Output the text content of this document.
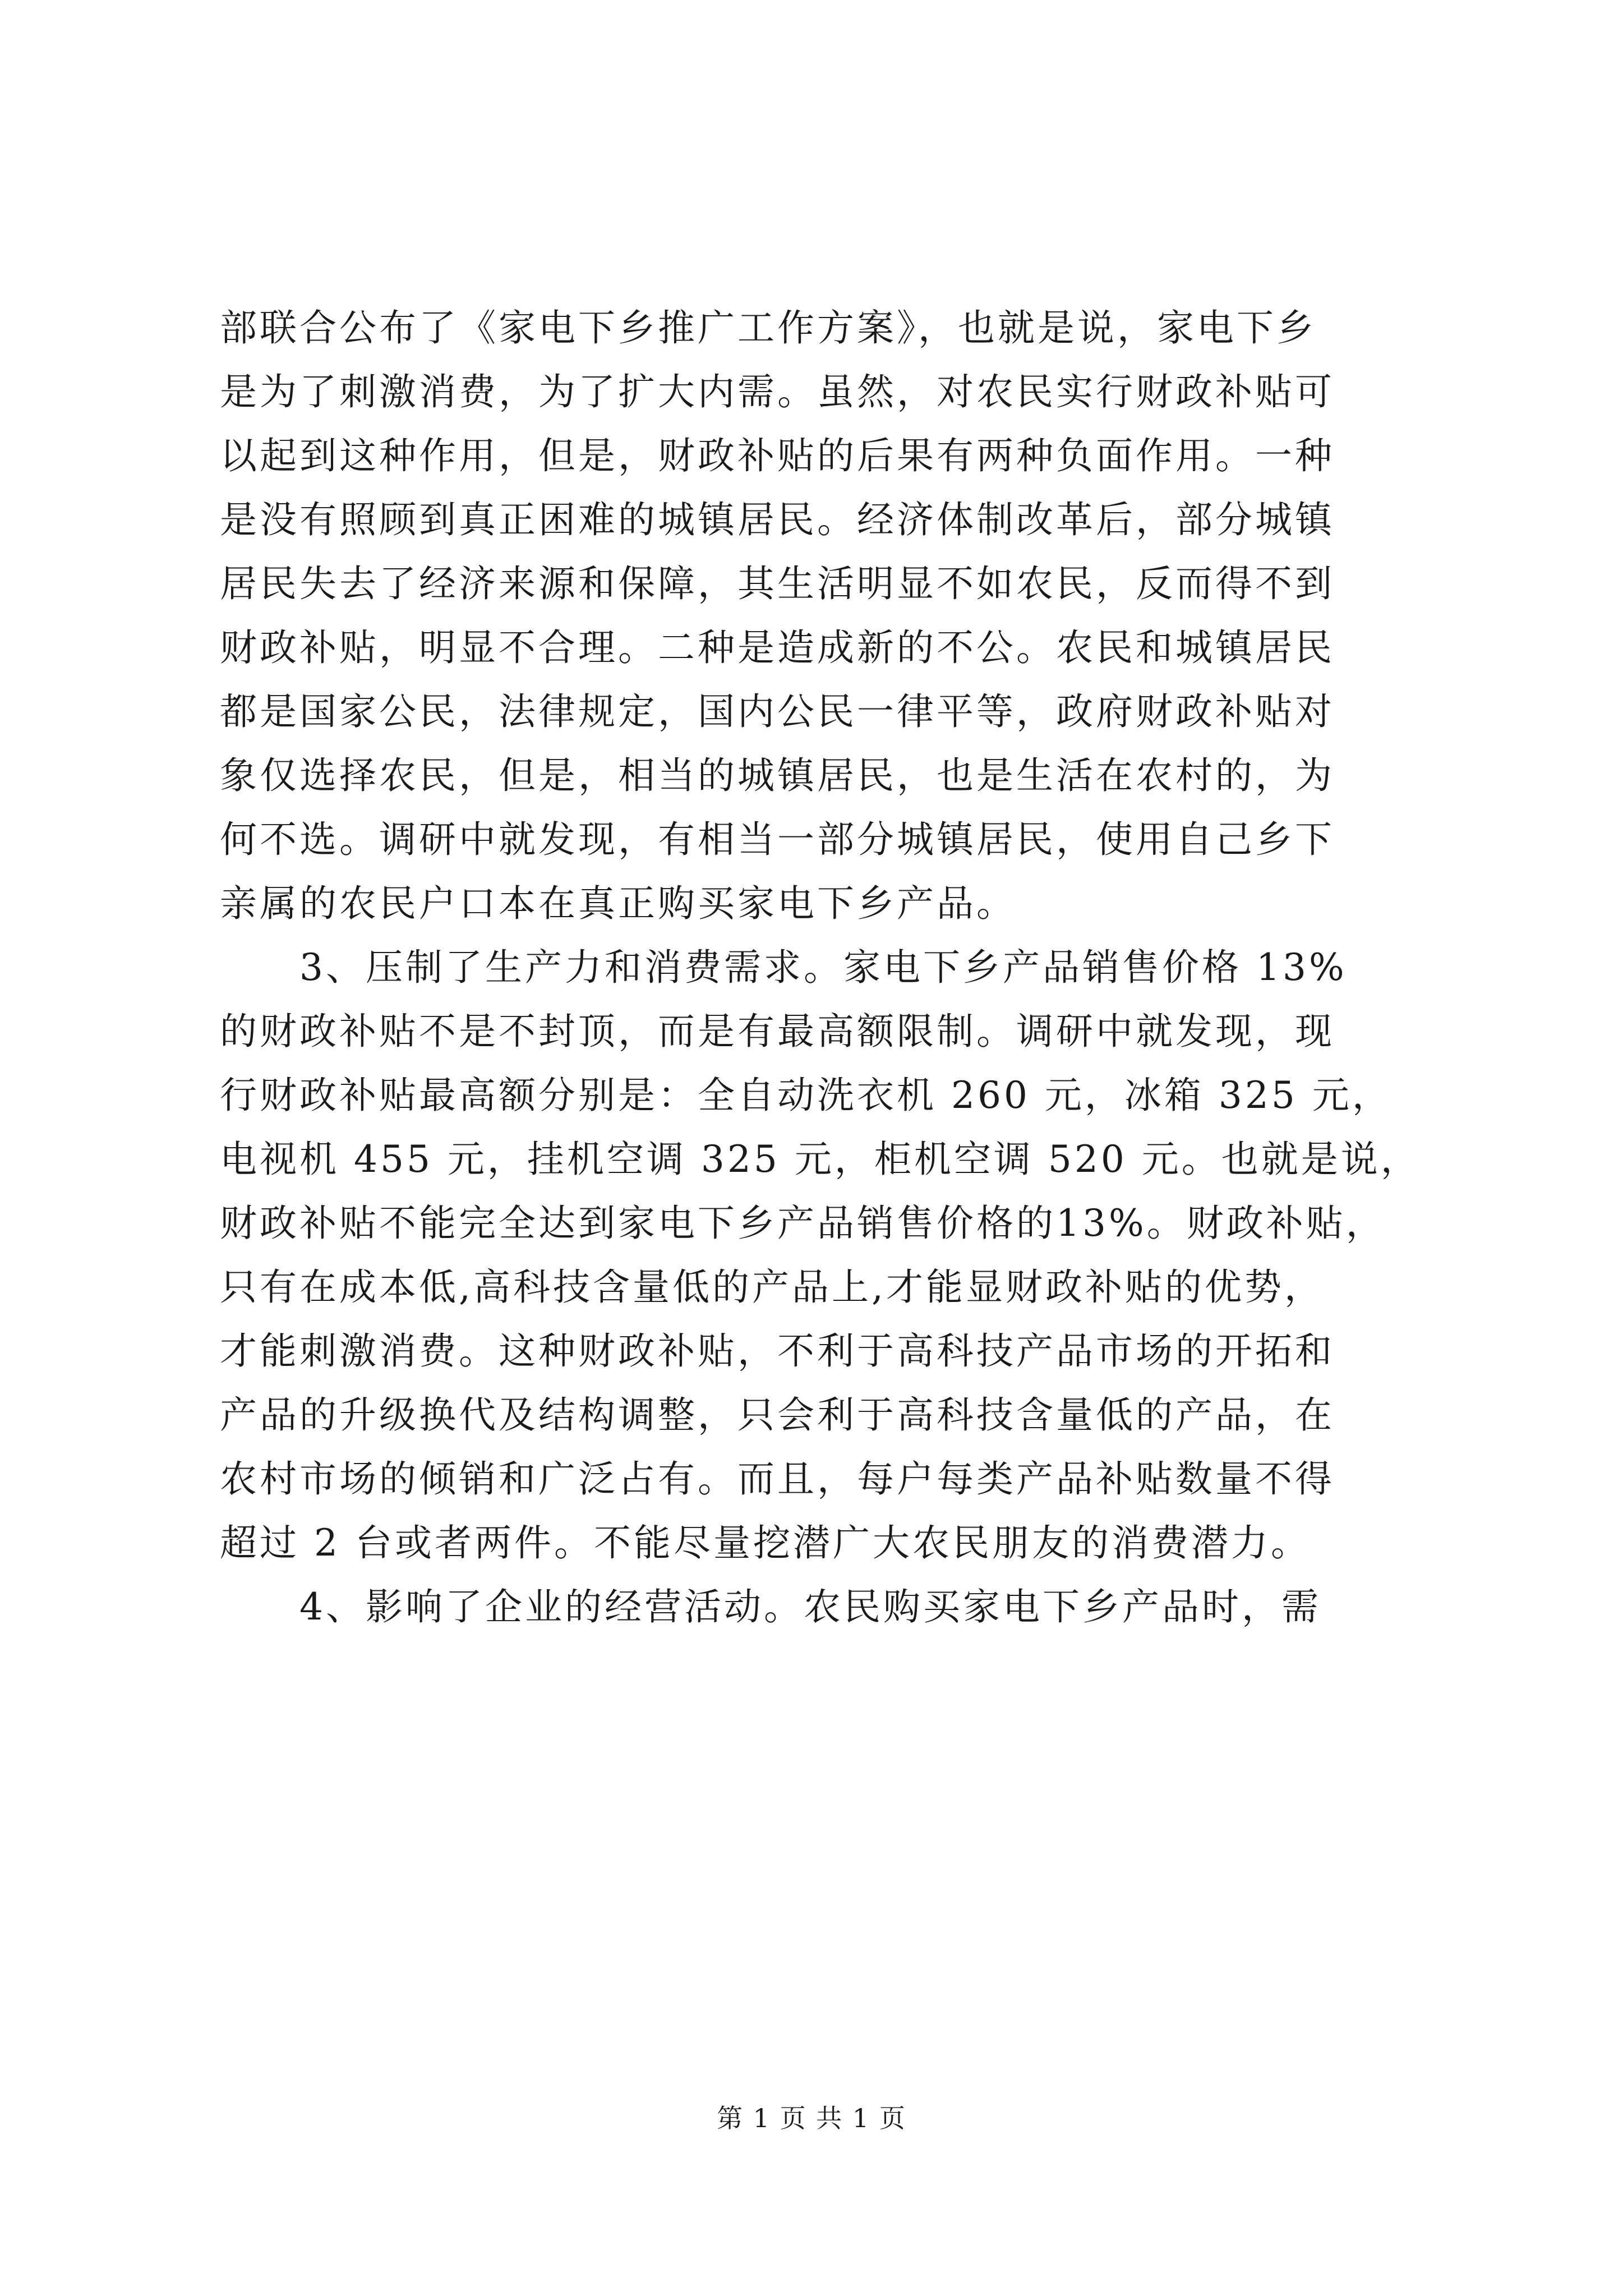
部联合公布了《家电下乡推广工作方案》，也就是说，家电下乡
是为了刺激消费，为了扩大内需。虽然，对农民实行财政补贴可
以起到这种作用，但是，财政补贴的后果有两种负面作用。一种
是没有照顾到真正困难的城镇居民。经济体制改革后，部分城镇
居民失去了经济来源和保障，其生活明显不如农民，反而得不到
财政补贴，明显不合理。二种是造成新的不公。农民和城镇居民
都是国家公民，法律规定，国内公民一律平等，政府财政补贴对
象仅选择农民，但是，相当的城镇居民，也是生活在农村的，为
何不选。调研中就发现，有相当一部分城镇居民，使用自己乡下
亲属的农民户口本在真正购买家电下乡产品。
　　3、压制了生产力和消费需求。家电下乡产品销售价格 13%
的财政补贴不是不封顶，而是有最高额限制。调研中就发现，现
行财政补贴最高额分别是：全自动洗衣机 260 元，冰箱 325 元，
电视机 455 元，挂机空调 325 元，柜机空调 520 元。也就是说，
财政补贴不能完全达到家电下乡产品销售价格的13%。财政补贴，
只有在成本低,高科技含量低的产品上,才能显财政补贴的优势，
才能刺激消费。这种财政补贴，不利于高科技产品市场的开拓和
产品的升级换代及结构调整，只会利于高科技含量低的产品，在
农村市场的倾销和广泛占有。而且，每户每类产品补贴数量不得
超过 2 台或者两件。不能尽量挖潜广大农民朋友的消费潜力。
　　4、影响了企业的经营活动。农民购买家电下乡产品时，需
第 1 页 共 1 页
